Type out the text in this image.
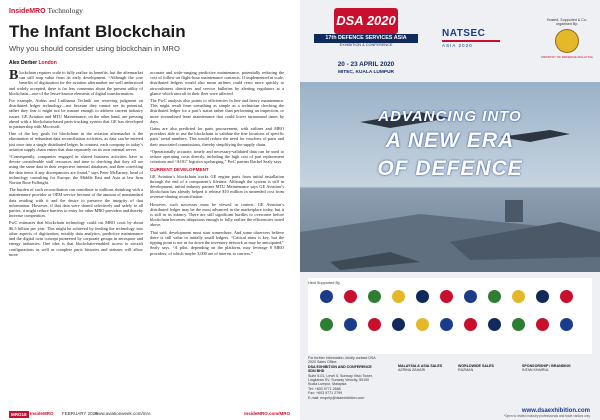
InsideMRO Technology
The Infant Blockchain
Why you should consider using blockchain in MRO
Alex Derber London

Blockchain requires scale to fully realize its benefits, but the aftermarket can still reap value from its early development. “Although the core benefits of digitization for the aviation aftermarket are well understood and widely accepted, there is far less consensus about the present utility of blockchain—one of the lesser-known elements of digital transformation.

For example, Airbus and Lufthansa Technik are reserving judgment on distributed ledger technology—not because they cannot see its potential, rather they fear it might not be mature enough to address current industry issues. GE Aviation and MTU Maintenance, on the other hand, are pressing ahead with a blockchain-based parts-tracking system that GE has developed in partnership with Microsoft.

One of the key goals for blockchain in the aviation aftermarket is the elimination of redundant data reconciliation activities, as data can be entered just once into a single distributed ledger. In contrast, each company in today’s aviation supply chain enters that data separately on its own internal server.

“Consequently, companies engaged in shared business activities have to devote considerable staff resources and time to checking that they all are using the same data in their respective internal databases, and then correcting the data items if any discrepancies are found,” says Peter McEarney, head of technology consulting for Europe, the Middle East and Asia at law firm Norton Rose Fulbright.

The burden of such reconciliation can contribute to millions shrinking with a maintenance provider or OEM service because of the amount of nonstandard data residing with it and the desire to preserve the integrity of that information. However, if that data were shared selectively and safely to all parties, it might reduce barriers to entry for other MRO providers and thereby increase competition.

PwC estimates that blockchain technology could cut MRO costs by about $6.5 billion per year. This might be achieved by feeding the technology into other aspects of digitization, notably data analytics, predictive maintenance and the digital twin concept pioneered by corporate groups in aerospace and energy industries. One idea is that blockchain-enabled access to aircraft configurations as well as complete parts histories and statuses will allow more

accurate and wide-ranging predictive maintenance, potentially reducing the cost of follow-on flight-hour maintenance contracts. If implemented at scale, distributed ledgers would also mean airlines could react more quickly to airworthiness directives and service bulletins by alerting regulators at a glance which aircraft in their fleet were affected.

The PwC analysis also points to efficiencies in line and heavy maintenance. This might result from something as simple as a technician checking the distributed ledger for a part’s status rather than performing an inspection, or more streamlined lease maintenance that could lower turnaround times by days.

Gains are also predicted for parts procurement, with airlines and MRO providers able to use the blockchain to validate the fine locations of specific parts’ serial numbers. This would reduce the need for vouchers of parts and their associated commissions, thereby simplifying the supply chain.

“Operationally accurate, timely and necessary-validated data can be used to reduce operating costs directly, including the high cost of part replacement criterions and “AOG” logistics upcharging,” PwC partner Rachel Sealy says.

CURRENT DEVELOPMENT

GE Aviation’s blockchain tracks GE engine parts from initial installation through the end of a component’s lifetime. Although the system is still in development, initial industry partner MTU Maintenance says GE Aviation’s blockchain has already helped it release $10 million in unneeded cost from revenue-sharing reconciliation.

However, such successes must be viewed in context. GE Aviation’s distributed ledger may be the most advanced in the marketplace today, but it is still in its infancy. There are still significant hurdles to overcome before blockchain becomes ubiquitous enough to fully realize the efficiencies noted above.

That said, development must start somewhere. And some observers believe there is still value in initially small ledgers. “Critical mass is key, but the tipping point is not as far down the inventory network as may be anticipated,” Sealy says. “A pilot, depending on the platform, may leverage 8 MRO providers, of which maybe 3,000 are of interest to carriers.”

MRO18 InsideMRO FEBRUARY 2020
www.aviationweek.com/mro	InsideMRO.com/MRO
DSA 2020
17th DEFENCE SERVICES ASIA
EXHIBITION & CONFERENCE
20 - 23 APRIL 2020
MITEC, KUALA LUMPUR
NATSEC
ASIA 2020
Hosted, Supported & Co-organised By:
MINISTRY OF DEFENCE MALAYSIA
ADVANCING INTO
A NEW ERA
OF DEFENCE
Held Supported By
For further information, kindly contact DSA 2020 Sales Office:
DSA EXHIBITION AND CONFERENCE SDN BHD
Suite 5-01, Level 5, Sunway Visio Tower, Lingkaran SV, Sunway Velocity, 55100 Kuala Lumpur, Malaysia
Tel: +603 9771 2688
Fax: +603 9771 2799
E-mail: enquiry@dsaexhibition.com
MALAYSIA & ASIA SALES
AZRINA ZAHARI
WORLDWIDE SALES
RAZMAN
SPONSORSHIP / BRANDING
INTAN KHAIRUL
www.dsaexhibition.com
*Open to invited industry professionals and trade visitors only
